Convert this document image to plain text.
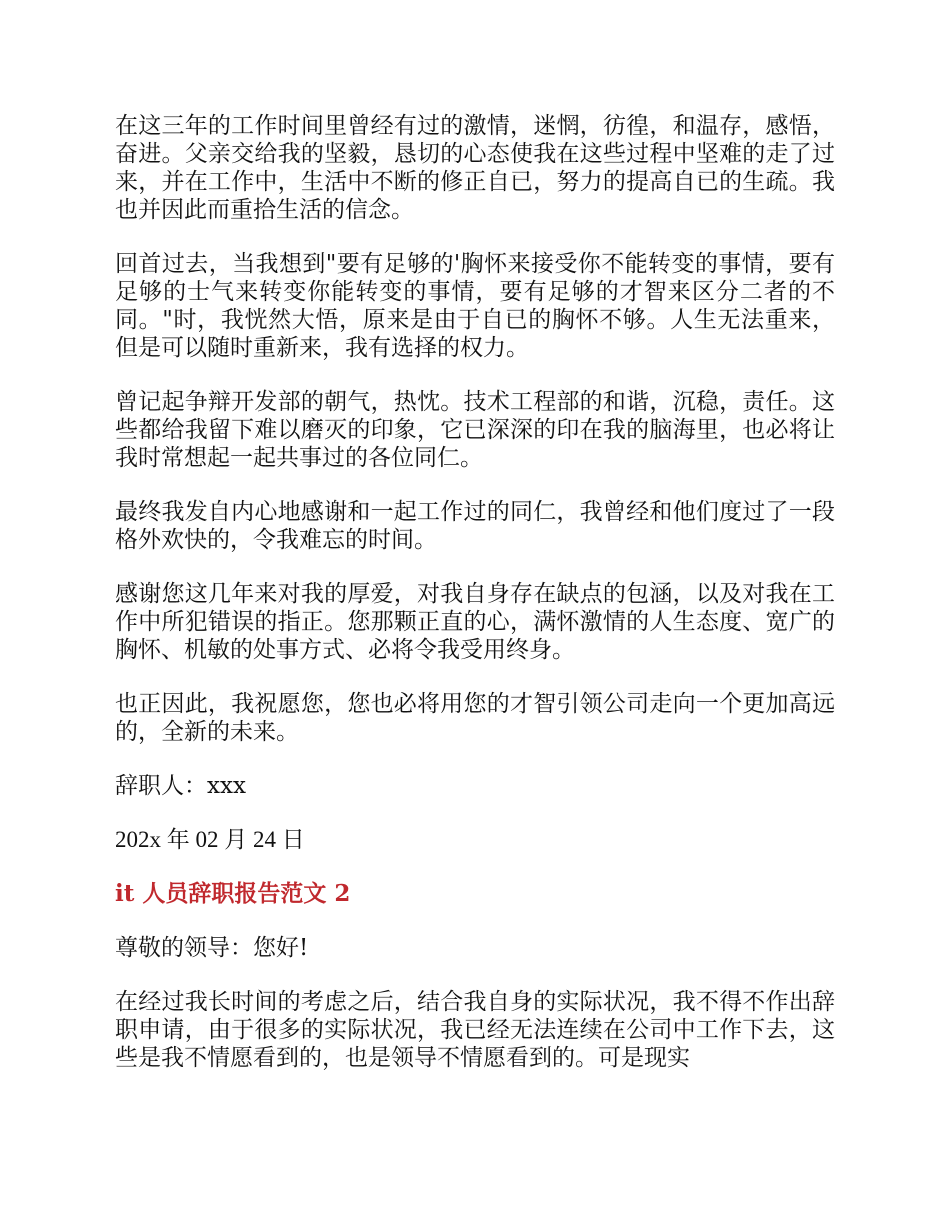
在这三年的工作时间里曾经有过的激情，迷惘，彷徨，和温存，感悟，奋进。父亲交给我的坚毅，恳切的心态使我在这些过程中坚难的走了过来，并在工作中，生活中不断的修正自已，努力的提高自已的生疏。我也并因此而重拾生活的信念。

回首过去，当我想到"要有足够的'胸怀来接受你不能转变的事情，要有足够的士气来转变你能转变的事情，要有足够的才智来区分二者的不同。"时，我恍然大悟，原来是由于自已的胸怀不够。人生无法重来，但是可以随时重新来，我有选择的权力。

曾记起争辩开发部的朝气，热忱。技术工程部的和谐，沉稳，责任。这些都给我留下难以磨灭的印象，它已深深的印在我的脑海里，也必将让我时常想起一起共事过的各位同仁。

最终我发自内心地感谢和一起工作过的同仁，我曾经和他们度过了一段格外欢快的，令我难忘的时间。

感谢您这几年来对我的厚爱，对我自身存在缺点的包涵，以及对我在工作中所犯错误的指正。您那颗正直的心，满怀激情的人生态度、宽广的胸怀、机敏的处事方式、必将令我受用终身。

也正因此，我祝愿您，您也必将用您的才智引领公司走向一个更加高远的，全新的未来。

辞职人：xxx

202x 年 02 月 24 日

it 人员辞职报告范文 2

尊敬的领导：您好!

在经过我长时间的考虑之后，结合我自身的实际状况，我不得不作出辞职申请，由于很多的实际状况，我已经无法连续在公司中工作下去，这些是我不情愿看到的，也是领导不情愿看到的。可是现实
